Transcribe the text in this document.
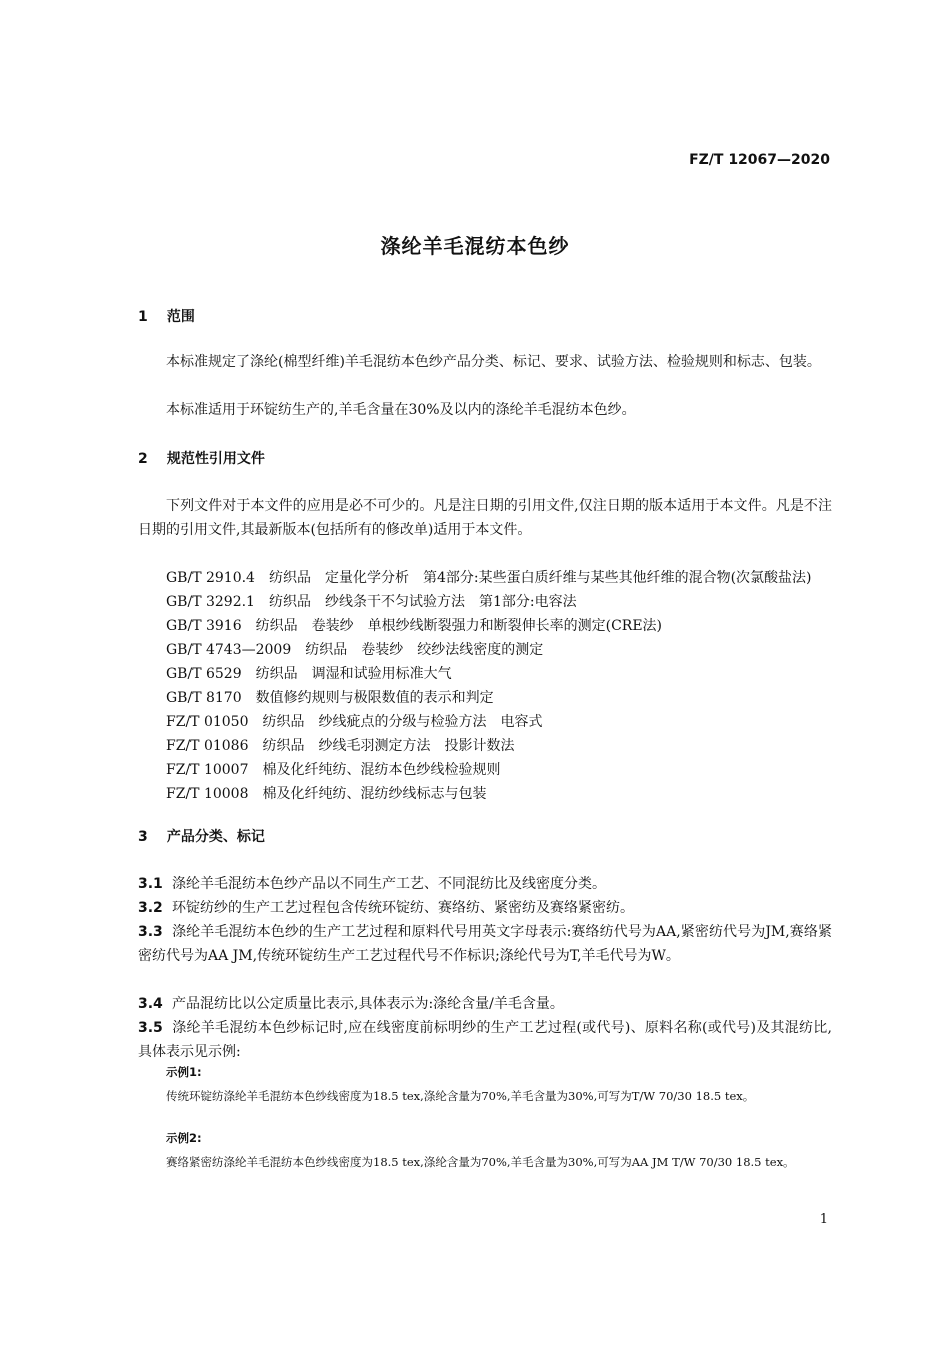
FZ/T 12067—2020
涤纶羊毛混纺本色纱
1 范围
本标准规定了涤纶(棉型纤维)羊毛混纺本色纱产品分类、标记、要求、试验方法、检验规则和标志、包装。
本标准适用于环锭纺生产的,羊毛含量在30%及以内的涤纶羊毛混纺本色纱。
2 规范性引用文件
下列文件对于本文件的应用是必不可少的。凡是注日期的引用文件,仅注日期的版本适用于本文件。凡是不注日期的引用文件,其最新版本(包括所有的修改单)适用于本文件。
GB/T 2910.4　纺织品　定量化学分析　第4部分:某些蛋白质纤维与某些其他纤维的混合物(次氯酸盐法)
GB/T 3292.1　纺织品　纱线条干不匀试验方法　第1部分:电容法
GB/T 3916　纺织品　卷装纱　单根纱线断裂强力和断裂伸长率的测定(CRE法)
GB/T 4743—2009　纺织品　卷装纱　绞纱法线密度的测定
GB/T 6529　纺织品　调湿和试验用标准大气
GB/T 8170　数值修约规则与极限数值的表示和判定
FZ/T 01050　纺织品　纱线疵点的分级与检验方法　电容式
FZ/T 01086　纺织品　纱线毛羽测定方法　投影计数法
FZ/T 10007　棉及化纤纯纺、混纺本色纱线检验规则
FZ/T 10008　棉及化纤纯纺、混纺纱线标志与包装
3 产品分类、标记
3.1 涤纶羊毛混纺本色纱产品以不同生产工艺、不同混纺比及线密度分类。
3.2 环锭纺纱的生产工艺过程包含传统环锭纺、赛络纺、紧密纺及赛络紧密纺。
3.3 涤纶羊毛混纺本色纱的生产工艺过程和原料代号用英文字母表示:赛络纺代号为AA,紧密纺代号为JM,赛络紧密纺代号为AA JM,传统环锭纺生产工艺过程代号不作标识;涤纶代号为T,羊毛代号为W。
3.4 产品混纺比以公定质量比表示,具体表示为:涤纶含量/羊毛含量。
3.5 涤纶羊毛混纺本色纱标记时,应在线密度前标明纱的生产工艺过程(或代号)、原料名称(或代号)及其混纺比,具体表示见示例:
示例1:
传统环锭纺涤纶羊毛混纺本色纱线密度为18.5 tex,涤纶含量为70%,羊毛含量为30%,可写为T/W 70/30 18.5 tex。
示例2:
赛络紧密纺涤纶羊毛混纺本色纱线密度为18.5 tex,涤纶含量为70%,羊毛含量为30%,可写为AA JM T/W 70/30 18.5 tex。
1
